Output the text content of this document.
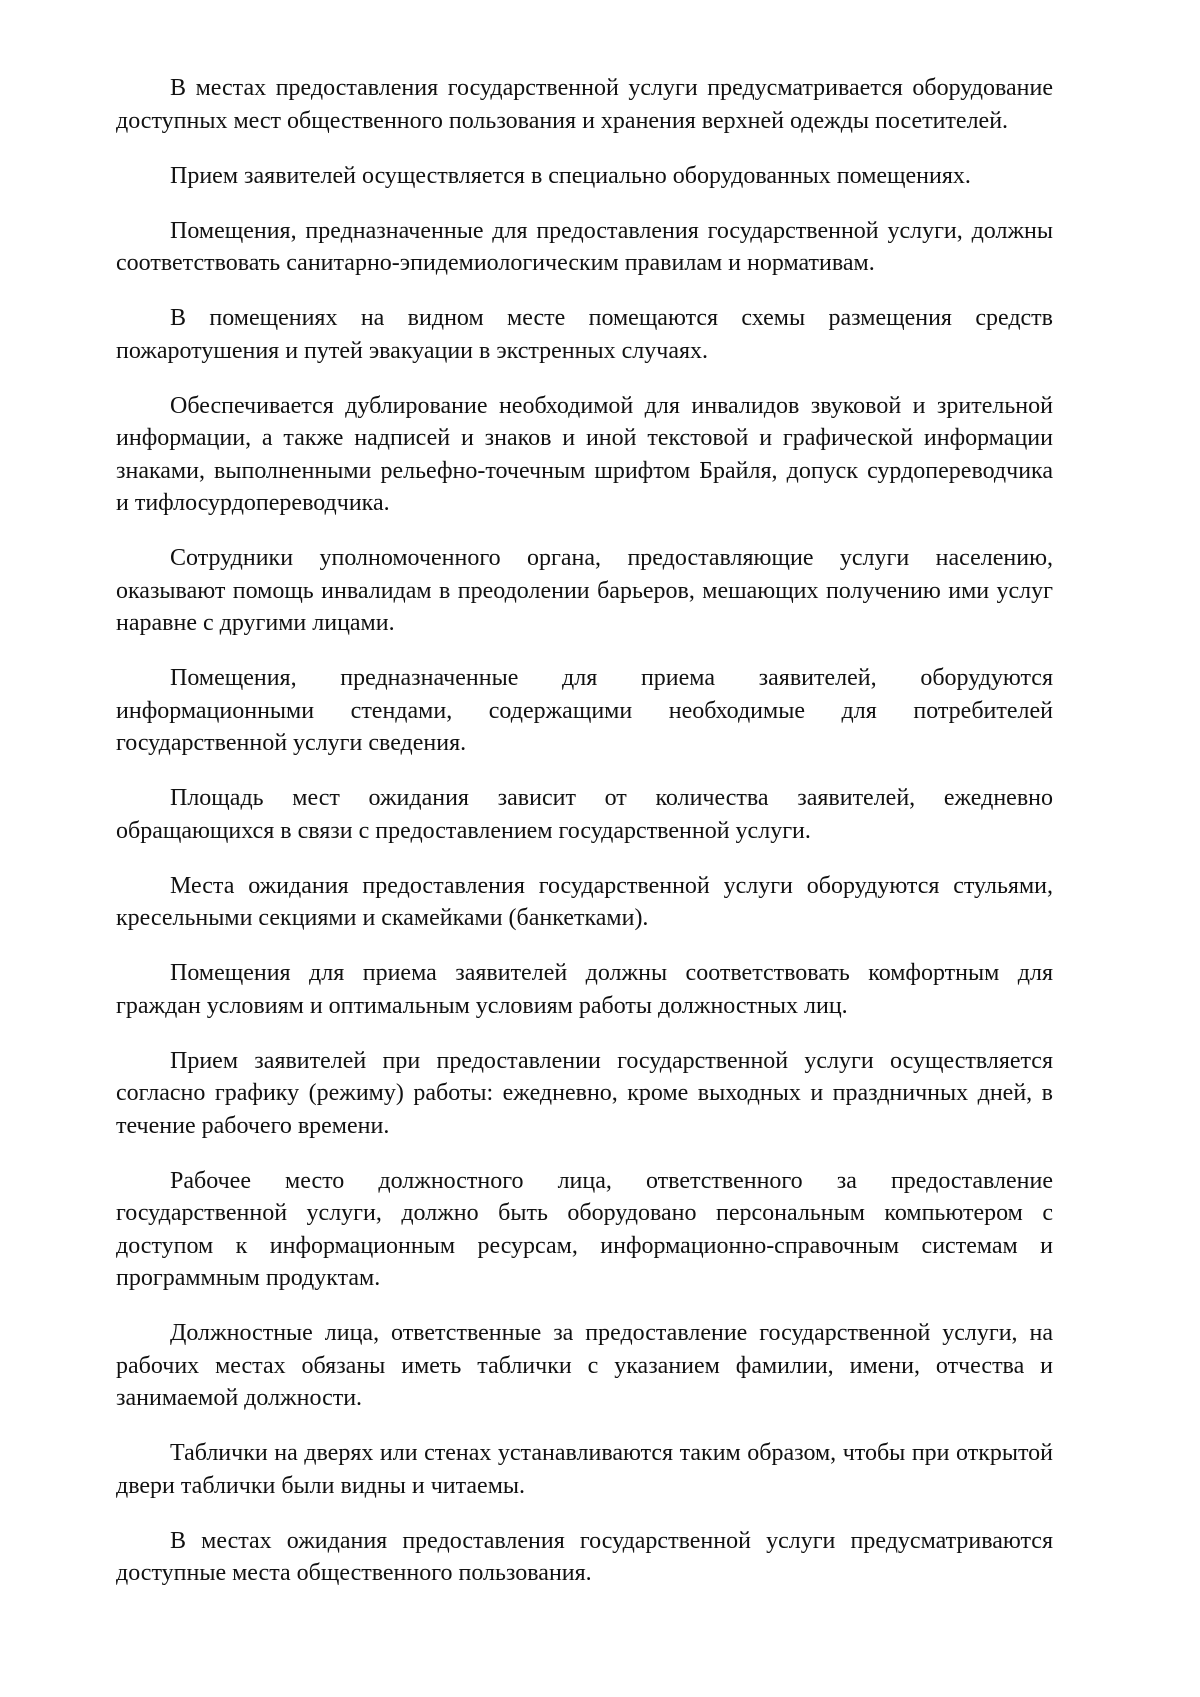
В местах предоставления государственной услуги предусматривается оборудование доступных мест общественного пользования и хранения верхней одежды посетителей.

Прием заявителей осуществляется в специально оборудованных помещениях.

Помещения, предназначенные для предоставления государственной услуги, должны соответствовать санитарно-эпидемиологическим правилам и нормативам.

В помещениях на видном месте помещаются схемы размещения средств пожаротушения и путей эвакуации в экстренных случаях.

Обеспечивается дублирование необходимой для инвалидов звуковой и зрительной информации, а также надписей и знаков и иной текстовой и графической информации знаками, выполненными рельефно-точечным шрифтом Брайля, допуск сурдопереводчика и тифлосурдопереводчика.

Сотрудники уполномоченного органа, предоставляющие услуги населению, оказывают помощь инвалидам в преодолении барьеров, мешающих получению ими услуг наравне с другими лицами.

Помещения, предназначенные для приема заявителей, оборудуются информационными стендами, содержащими необходимые для потребителей государственной услуги сведения.

Площадь мест ожидания зависит от количества заявителей, ежедневно обращающихся в связи с предоставлением государственной услуги.

Места ожидания предоставления государственной услуги оборудуются стульями, кресельными секциями и скамейками (банкетками).

Помещения для приема заявителей должны соответствовать комфортным для граждан условиям и оптимальным условиям работы должностных лиц.

Прием заявителей при предоставлении государственной услуги осуществляется согласно графику (режиму) работы: ежедневно, кроме выходных и праздничных дней, в течение рабочего времени.

Рабочее место должностного лица, ответственного за предоставление государственной услуги, должно быть оборудовано персональным компьютером с доступом к информационным ресурсам, информационно-справочным системам и программным продуктам.

Должностные лица, ответственные за предоставление государственной услуги, на рабочих местах обязаны иметь таблички с указанием фамилии, имени, отчества и занимаемой должности.

Таблички на дверях или стенах устанавливаются таким образом, чтобы при открытой двери таблички были видны и читаемы.

В местах ожидания предоставления государственной услуги предусматриваются доступные места общественного пользования.
